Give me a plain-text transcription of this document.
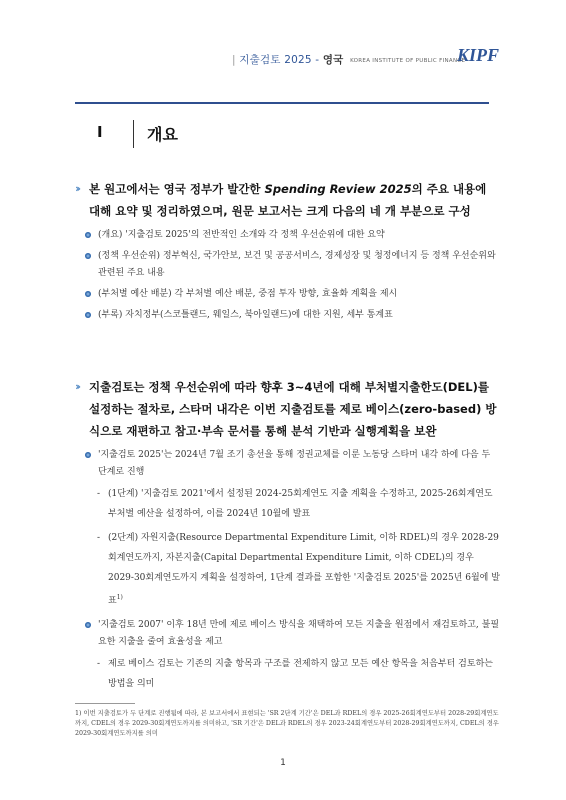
| 지출검토 2025 - 영국 KOREA INSTITUTE OF PUBLIC FINANCE
KIPF
I	개요
›› 본 원고에서는 영국 정부가 발간한 Spending Review 2025의 주요 내용에 대해 요약 및 정리하였으며, 원문 보고서는 크게 다음의 네 개 부분으로 구성
(개요) '지출검토 2025'의 전반적인 소개와 각 정책 우선순위에 대한 요약
(정책 우선순위) 정부혁신, 국가안보, 보건 및 공공서비스, 경제성장 및 청정에너지 등 정책 우선순위와 관련된 주요 내용
(부처별 예산 배분) 각 부처별 예산 배분, 중점 투자 방향, 효율화 계획을 제시
(부록) 자치정부(스코틀랜드, 웨일스, 북아일랜드)에 대한 지원, 세부 통계표
›› 지출검토는 정책 우선순위에 따라 향후 3~4년에 대해 부처별지출한도(DEL)를 설정하는 절차로, 스타머 내각은 이번 지출검토를 제로 베이스(zero-based) 방식으로 재편하고 참고·부속 문서를 통해 분석 기반과 실행계획을 보완
'지출검토 2025'는 2024년 7월 조기 총선을 통해 정권교체를 이룬 노동당 스타머 내각 하에 다음 두 단계로 진행
- (1단계) '지출검토 2021'에서 설정된 2024-25회계연도 지출 계획을 수정하고, 2025-26회계연도 부처별 예산을 설정하여, 이를 2024년 10월에 발표
- (2단계) 자원지출(Resource Departmental Expenditure Limit, 이하 RDEL)의 경우 2028-29회계연도까지, 자본지출(Capital Departmental Expenditure Limit, 이하 CDEL)의 경우 2029-30회계연도까지 계획을 설정하여, 1단계 결과를 포함한 '지출검토 2025'를 2025년 6월에 발표$^{1)}$
'지출검토 2007' 이후 18년 만에 제로 베이스 방식을 채택하여 모든 지출을 원점에서 재검토하고, 불필요한 지출을 줄여 효율성을 제고
- 제로 베이스 검토는 기존의 지출 항목과 구조를 전제하지 않고 모든 예산 항목을 처음부터 검토하는 방법을 의미
1) 이번 지출검토가 두 단계로 진행됨에 따라, 본 보고서에서 표현되는 'SR 2단계 기간'은 DEL과 RDEL의 경우 2025-26회계연도부터 2028-29회계연도까지, CDEL의 경우 2029-30회계연도까지를 의미하고, 'SR 기간'은 DEL과 RDEL의 경우 2023-24회계연도부터 2028-29회계연도까지, CDEL의 경우 2029-30회계연도까지를 의미
1
